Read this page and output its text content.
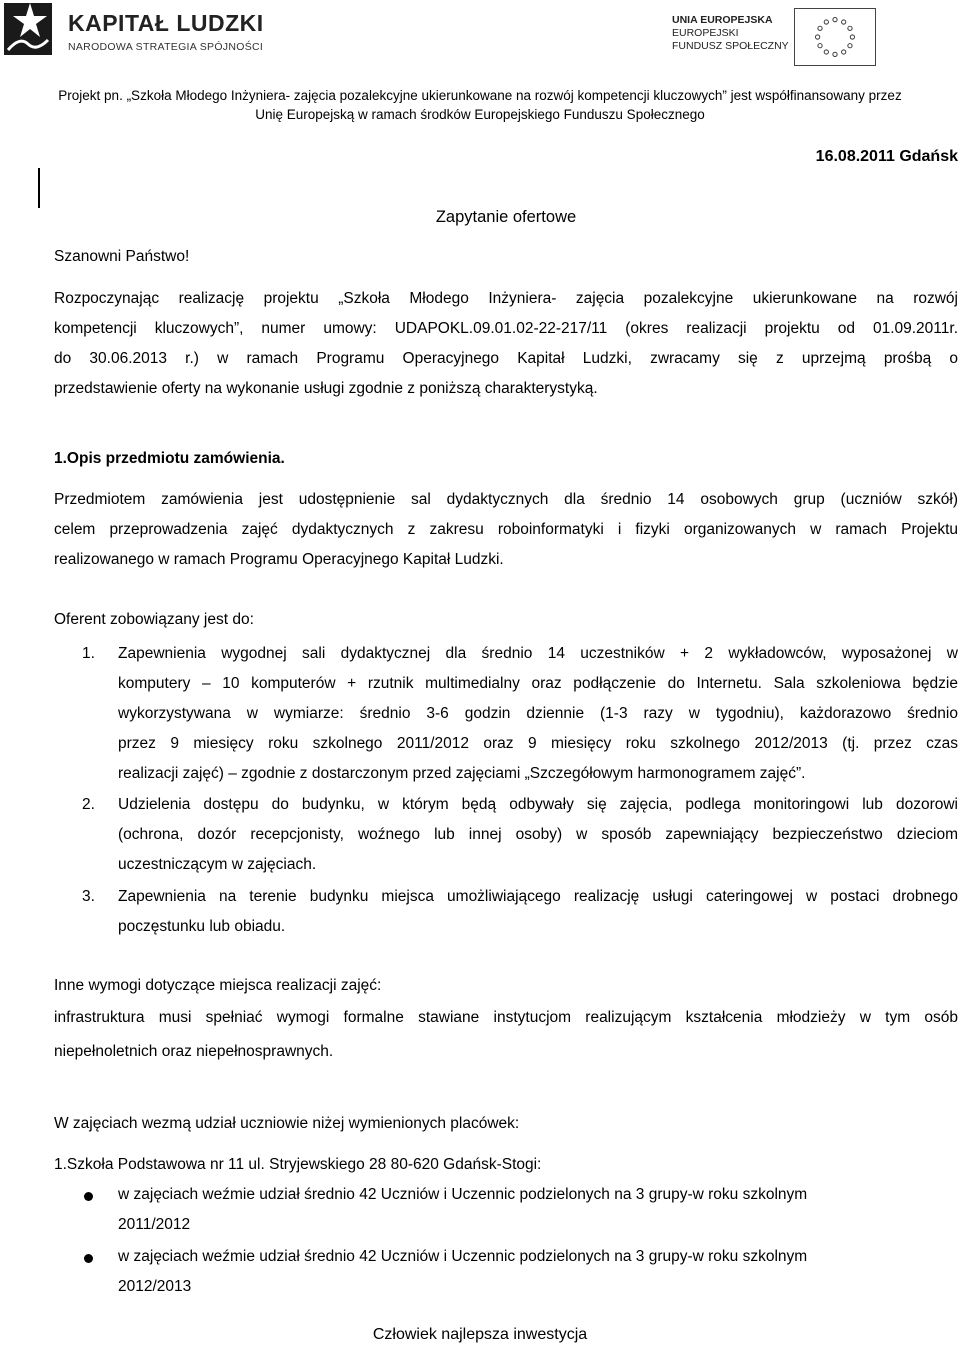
KAPITAŁ LUDZKI
NARODOWA STRATEGIA SPÓJNOŚCI
UNIA EUROPEJSKA
EUROPEJSKI
FUNDUSZ SPOŁECZNY
Projekt pn. „Szkoła Młodego Inżyniera- zajęcia pozalekcyjne ukierunkowane na rozwój kompetencji kluczowych” jest współfinansowany przez
Unię Europejską w ramach środków Europejskiego Funduszu Społecznego
16.08.2011 Gdańsk
Zapytanie ofertowe
Szanowni Państwo!
Rozpoczynając realizację projektu „Szkoła Młodego Inżyniera- zajęcia pozalekcyjne ukierunkowane na rozwój
kompetencji kluczowych”, numer umowy: UDAPOKL.09.01.02-22-217/11 (okres realizacji projektu od 01.09.2011r.
do 30.06.2013 r.) w ramach Programu Operacyjnego Kapitał Ludzki, zwracamy się z uprzejmą prośbą o
przedstawienie oferty na wykonanie usługi zgodnie z poniższą charakterystyką.
1.Opis przedmiotu zamówienia.
Przedmiotem zamówienia jest udostępnienie sal dydaktycznych dla średnio 14 osobowych grup (uczniów szkół)
celem przeprowadzenia zajęć dydaktycznych z zakresu roboinformatyki i fizyki organizowanych w ramach Projektu
realizowanego w ramach Programu Operacyjnego Kapitał Ludzki.
Oferent zobowiązany jest do:
1. Zapewnienia wygodnej sali dydaktycznej dla średnio 14 uczestników + 2 wykładowców, wyposażonej w
komputery – 10 komputerów + rzutnik multimedialny oraz podłączenie do Internetu. Sala szkoleniowa będzie
wykorzystywana w wymiarze: średnio 3-6 godzin dziennie (1-3 razy w tygodniu), każdorazowo średnio
przez 9 miesięcy roku szkolnego 2011/2012 oraz 9 miesięcy roku szkolnego 2012/2013 (tj. przez czas
realizacji zajęć) – zgodnie z dostarczonym przed zajęciami „Szczegółowym harmonogramem zajęć”.
2. Udzielenia dostępu do budynku, w którym będą odbywały się zajęcia, podlega monitoringowi lub dozorowi
(ochrona, dozór recepcjonisty, woźnego lub innej osoby) w sposób zapewniający bezpieczeństwo dzieciom
uczestniczącym w zajęciach.
3. Zapewnienia na terenie budynku miejsca umożliwiającego realizację usługi cateringowej w postaci drobnego
poczęstunku lub obiadu.
Inne wymogi dotyczące miejsca realizacji zajęć:
infrastruktura musi spełniać wymogi formalne stawiane instytucjom realizującym kształcenia młodzieży w tym osób
niepełnoletnich oraz niepełnosprawnych.
W zajęciach wezmą udział uczniowie niżej wymienionych placówek:
1.Szkoła Podstawowa nr 11 ul. Stryjewskiego 28 80-620 Gdańsk-Stogi:
w zajęciach weźmie udział średnio 42 Uczniów i Uczennic podzielonych na 3 grupy-w roku szkolnym
2011/2012
w zajęciach weźmie udział średnio 42 Uczniów i Uczennic podzielonych na 3 grupy-w roku szkolnym
2012/2013
Człowiek najlepsza inwestycja
